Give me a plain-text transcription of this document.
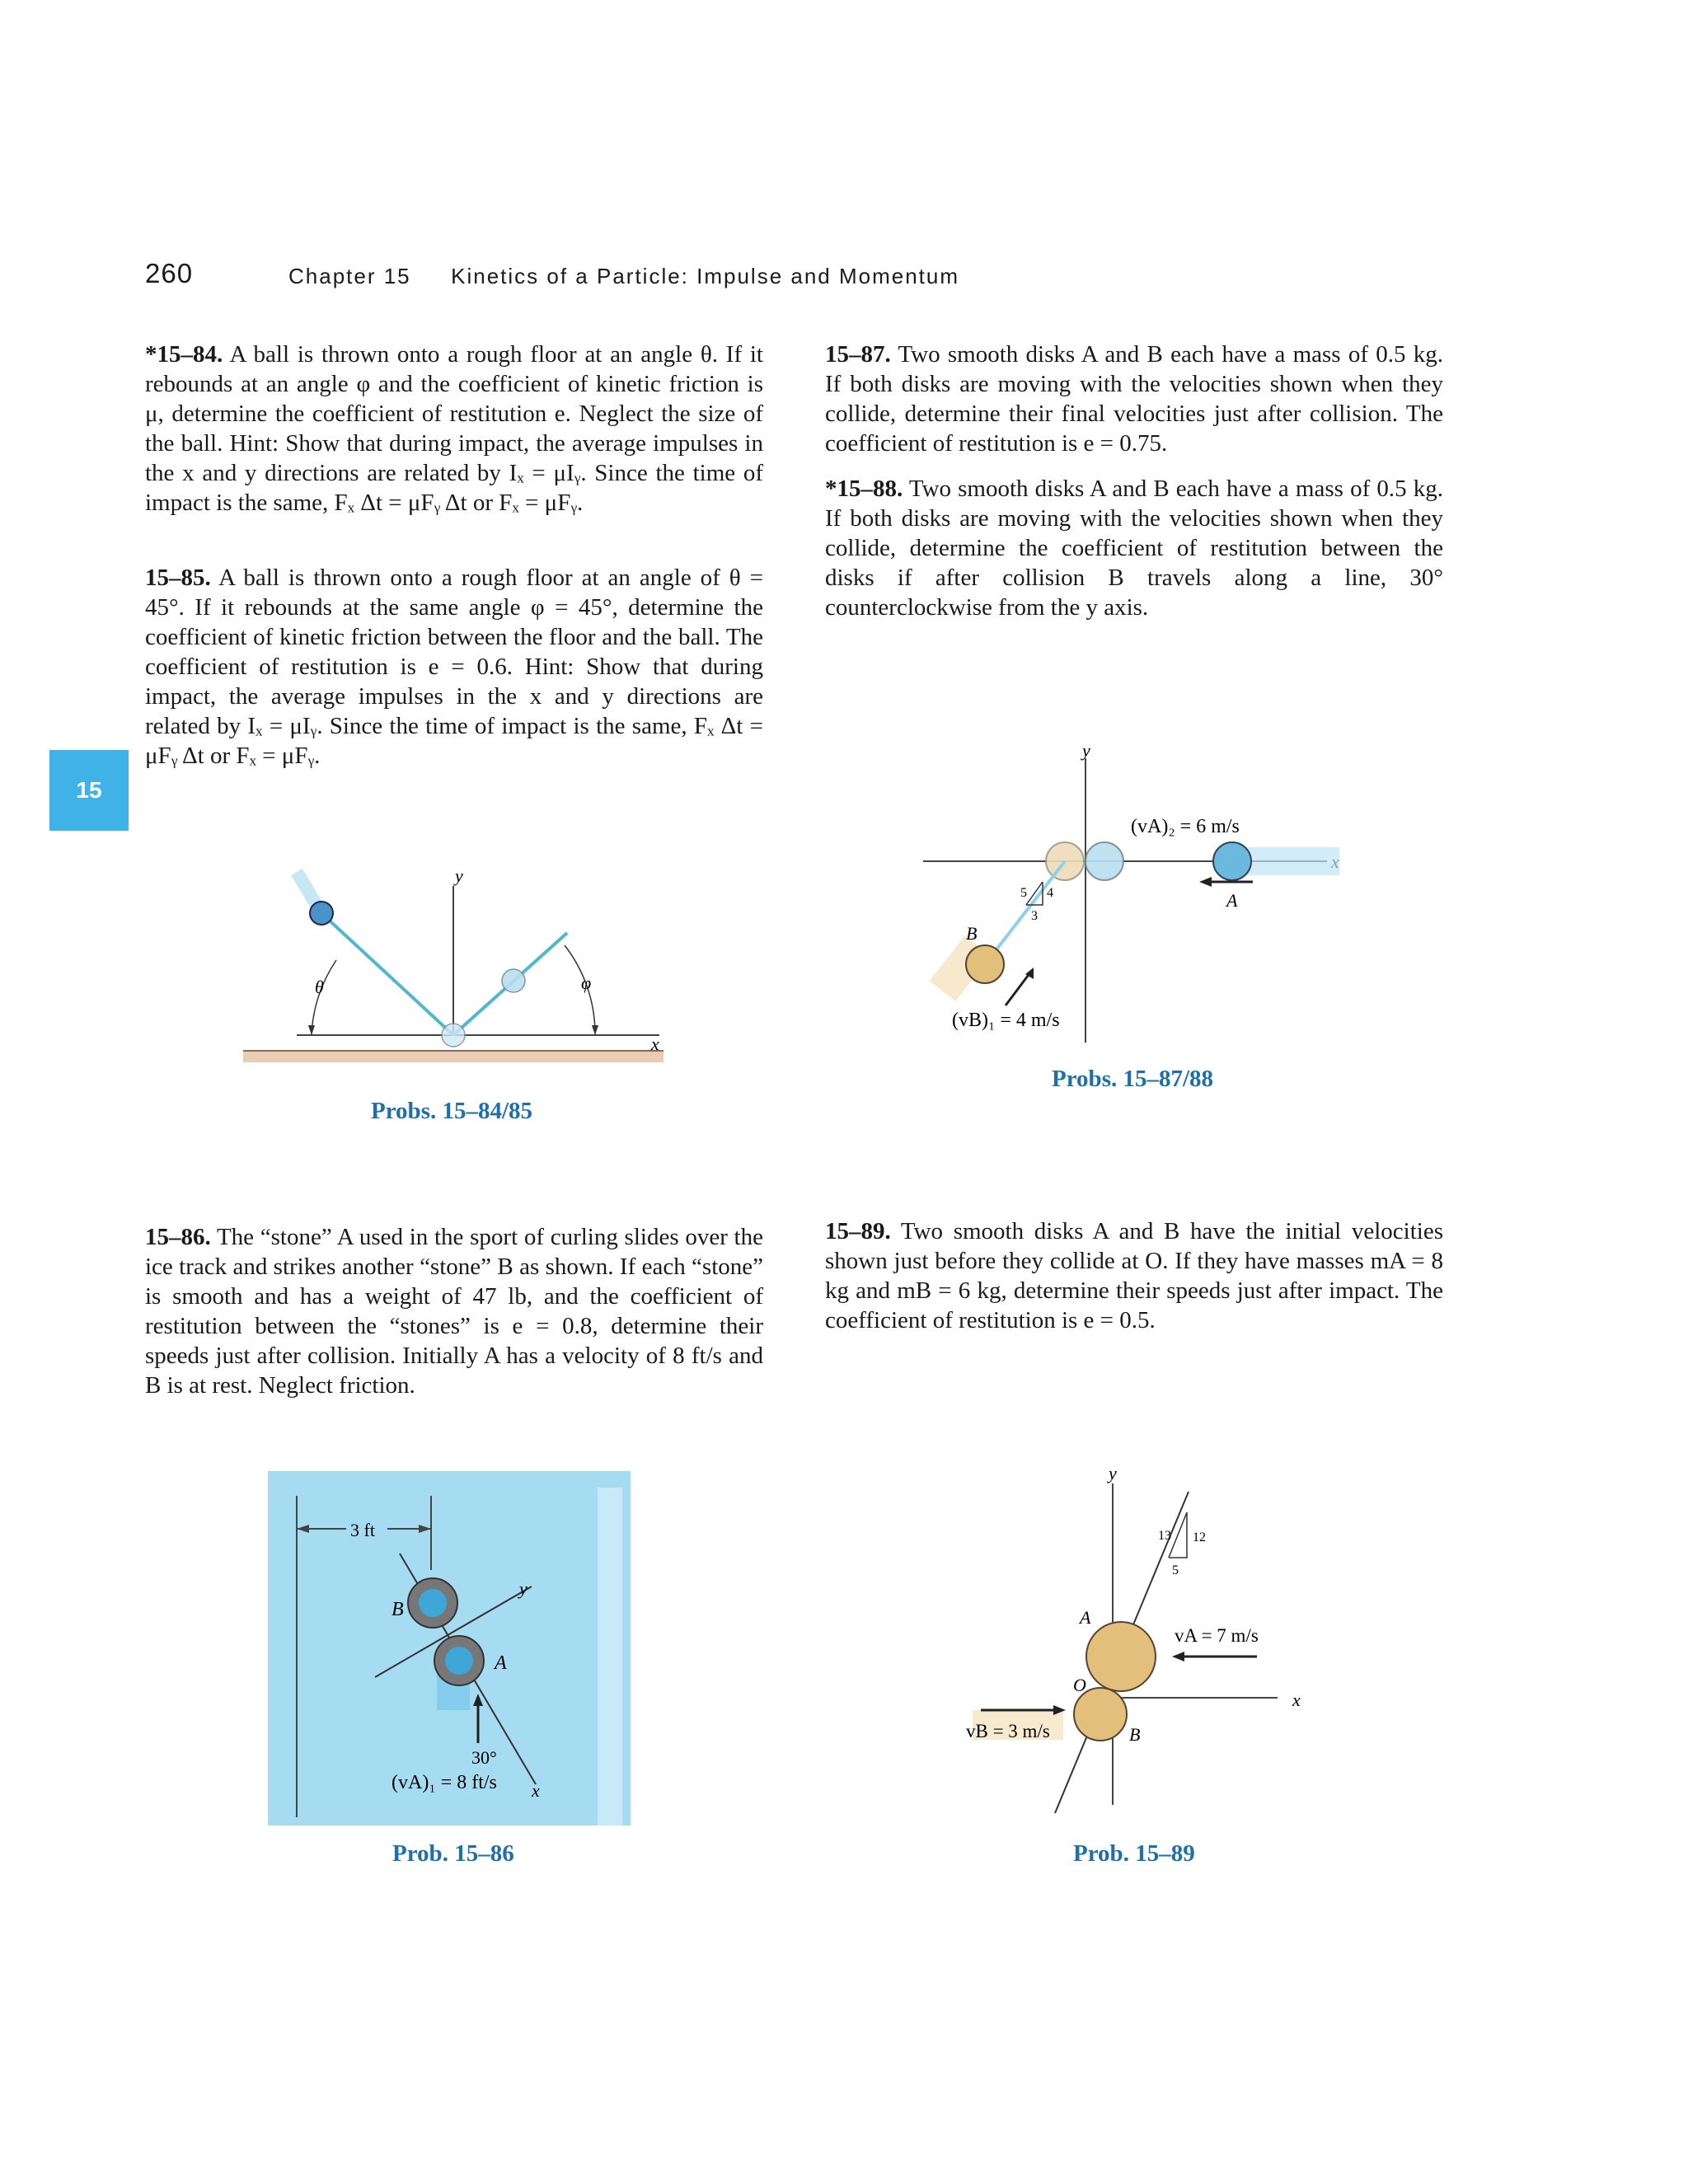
260	Chapter 15 Kinetics of a Particle: Impulse and Momentum
15
*15–84. A ball is thrown onto a rough floor at an angle θ. If it rebounds at an angle φ and the coefficient of kinetic friction is μ, determine the coefficient of restitution e. Neglect the size of the ball. Hint: Show that during impact, the average impulses in the x and y directions are related by Iₓ = μIᵧ. Since the time of impact is the same, Fₓ Δt = μFᵧ Δt or Fₓ = μFᵧ.
15–85. A ball is thrown onto a rough floor at an angle of θ = 45°. If it rebounds at the same angle φ = 45°, determine the coefficient of kinetic friction between the floor and the ball. The coefficient of restitution is e = 0.6. Hint: Show that during impact, the average impulses in the x and y directions are related by Iₓ = μIᵧ. Since the time of impact is the same, Fₓ Δt = μFᵧ Δt or Fₓ = μFᵧ.
15–86. The “stone” A used in the sport of curling slides over the ice track and strikes another “stone” B as shown. If each “stone” is smooth and has a weight of 47 lb, and the coefficient of restitution between the “stones” is e = 0.8, determine their speeds just after collision. Initially A has a velocity of 8 ft/s and B is at rest. Neglect friction.
15–87. Two smooth disks A and B each have a mass of 0.5 kg. If both disks are moving with the velocities shown when they collide, determine their final velocities just after collision. The coefficient of restitution is e = 0.75.
*15–88. Two smooth disks A and B each have a mass of 0.5 kg. If both disks are moving with the velocities shown when they collide, determine the coefficient of restitution between the disks if after collision B travels along a line, 30° counterclockwise from the y axis.
15–89. Two smooth disks A and B have the initial velocities shown just before they collide at O. If they have masses mA = 8 kg and mB = 6 kg, determine their speeds just after impact. The coefficient of restitution is e = 0.5.
y
x
θ	φ
Probs. 15–84/85
y
5 4
3
(vA)₂ = 6 m/s
A
B
(vB)₁ = 4 m/s
Probs. 15–87/88
3 ft
B
A
y
x
30°
(vA)₁ = 8 ft/s
Prob. 15–86
y
x
13 12
5
A
B
O
vA = 7 m/s
vB = 3 m/s
Prob. 15–89
